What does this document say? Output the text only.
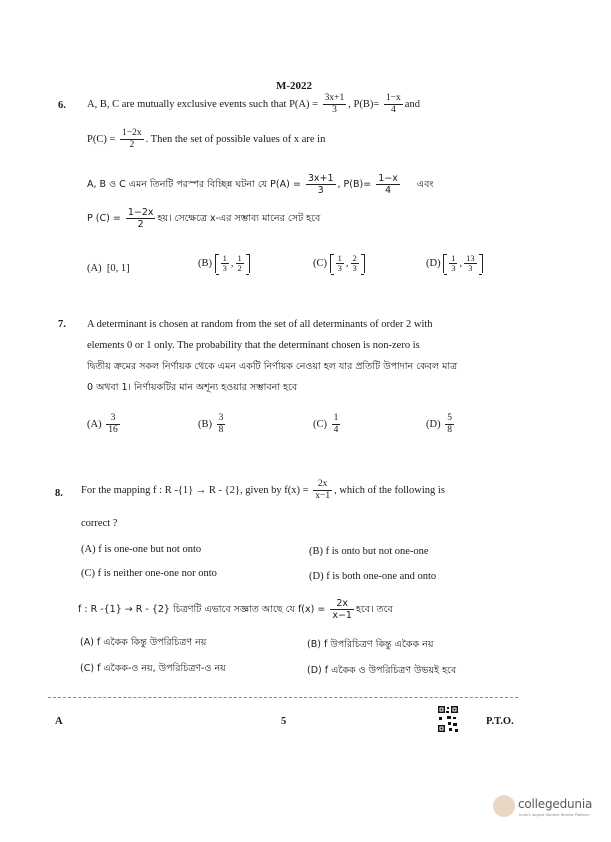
M-2022
6. A, B, C are mutually exclusive events such that $P(A) = \frac{3x+1}{3}$ , $P(B)= \frac{1-x}{4}$ and
$P(C) = \frac{1-2x}{2}$ . Then the set of possible values of x are in
A, B ও C এমন তিনটি পরস্পর বিচ্ছিন্ন ঘটনা যে $P(A) = \frac{3x+1}{3}$ , $P(B)= \frac{1-x}{4}$ এবং
P $(C) = \frac{1-2x}{2}$ হয়। সেক্ষেত্রে x-এর সম্ভাব্য মানের সেট হবে
(A) [0, 1]	$(B) \frac{1}{3}$ , $\frac{1}{2}$	$(C) \frac{1}{3}$ , $\frac{2}{3}$	$(D) \frac{1}{3}$ , $\frac{13}{3}$
7. A determinant is chosen at random from the set of all determinants of order 2 with
elements 0 or 1 only. The probability that the determinant chosen is non-zero is
দ্বিতীয় ক্রমের সকল নির্ণায়ক থেকে এমন একটি নির্ণায়ক নেওয়া হল যার প্রতিটি উপাদান কেবল মাত্র
0 অথবা 1। নির্ণায়কটির মান অশূন্য হওয়ার সম্ভাবনা হবে
$(A) \frac{3}{16}$	$(B) \frac{3}{8}$	$(C) \frac{1}{4}$	$(D) \frac{5}{8}$
8. For the mapping f : R -{1} → R - {2}, given by $f(x) = \frac{2x}{x-1}$ , which of the following is
correct ?
(A) f is one-one but not onto	(B) f is onto but not one-one
(C) f is neither one-one nor onto	(D) f is both one-one and onto
f : R -{1} → R - {2} চিত্রণটি এভাবে সজ্ঞাত আছে যে $f(x) = \frac{2x}{x-1}$ হবে। তবে
(A) f একৈক কিন্তু উপরিচিত্রণ নয়	(B) f উপরিচিত্রণ কিন্তু একৈক নয়
(C) f একৈক-ও নয়, উপরিচিত্রণ-ও নয়	(D) f একৈক ও উপরিচিত্রণ উভয়ই হবে
A	5	P.T.O.
collegedunia
India's largest Student Review Platform
